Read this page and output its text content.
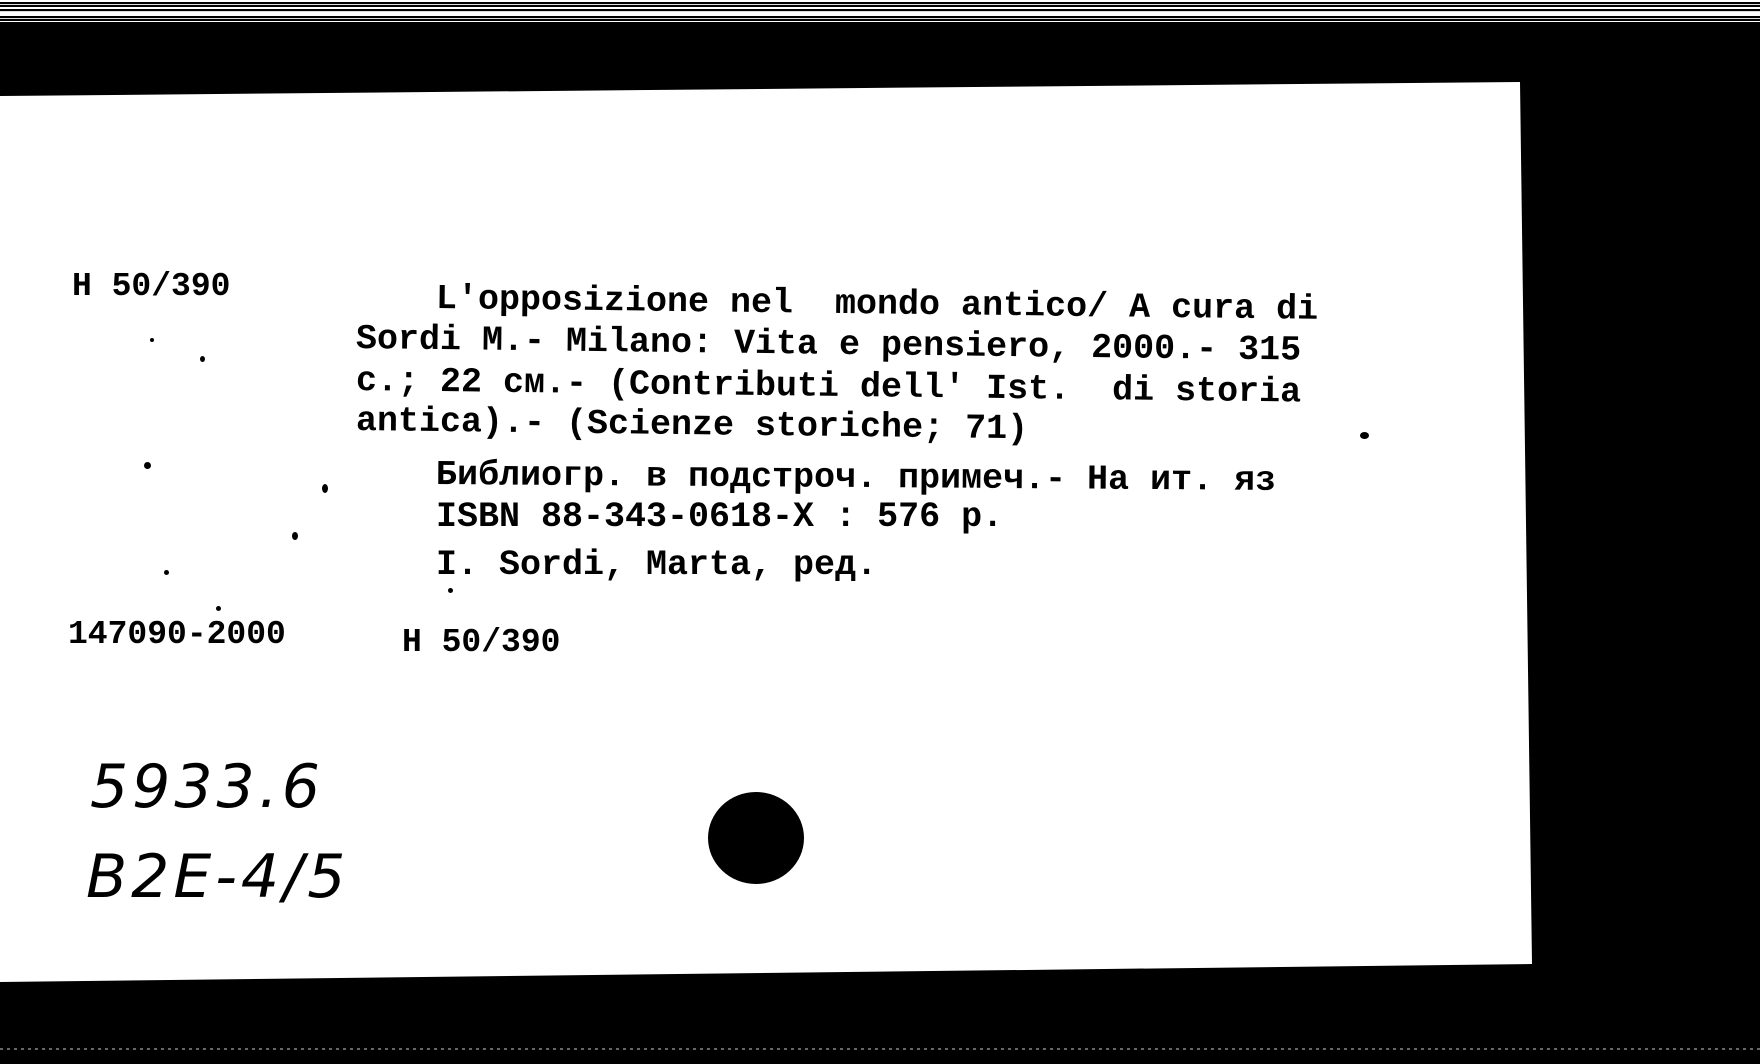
H 50/390	L'opposizione nel  mondo antico/ A cura di
Sordi M.- Milano: Vita e pensiero, 2000.- 315
c.; 22 см.- (Contributi dell' Ist.  di storia
antica).- (Scienze storiche; 71)
Библиогр. в подстроч. примеч.- На ит. яз
ISBN 88-343-0618-X : 576 p.
I. Sordi, Marta, ред.
147090-2000	H 50/390
5933.6
B2E-4/5
